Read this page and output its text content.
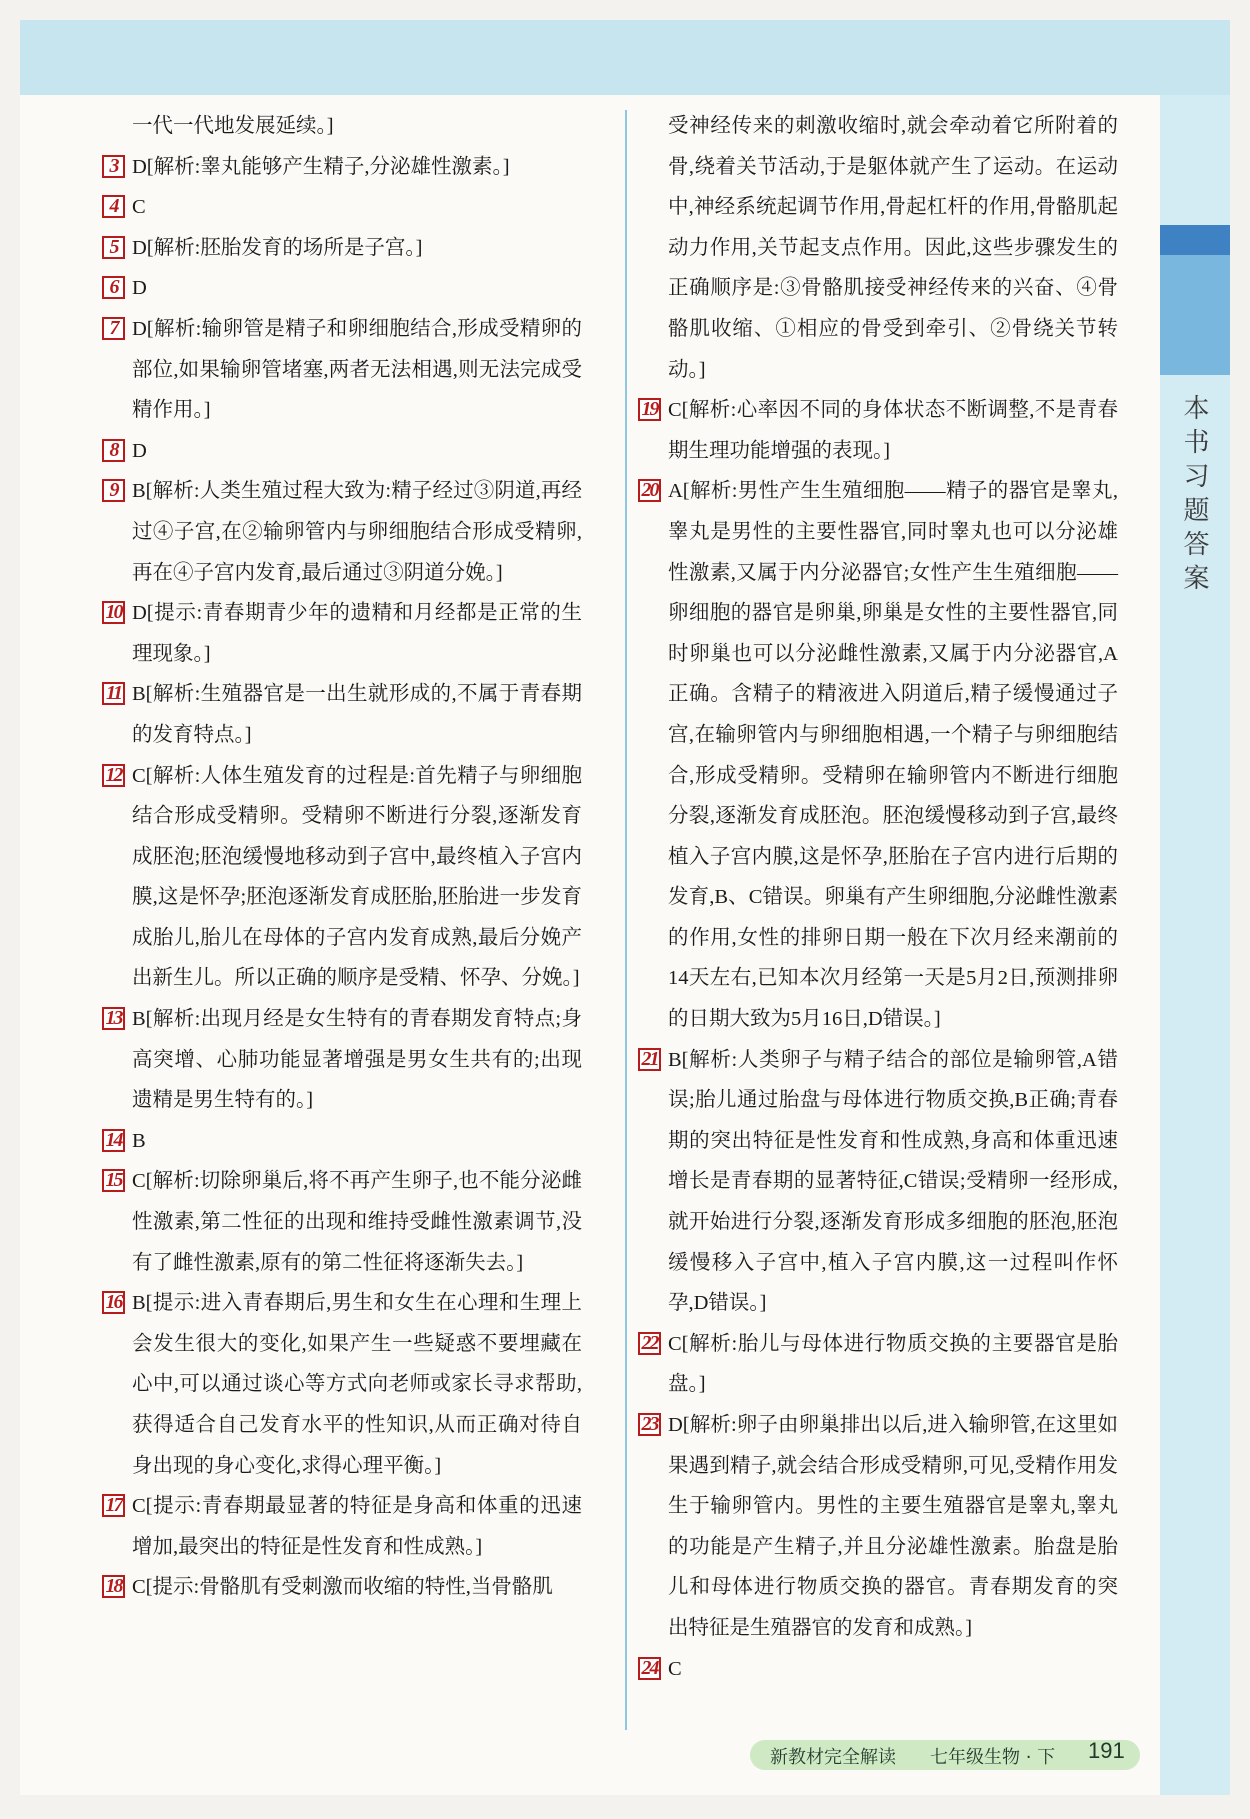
本书习题答案
一代一代地发展延续。]
3 D[解析:睾丸能够产生精子,分泌雄性激素。]
4 C
5 D[解析:胚胎发育的场所是子宫。]
6 D
7 D[解析:输卵管是精子和卵细胞结合,形成受精卵的部位,如果输卵管堵塞,两者无法相遇,则无法完成受精作用。]
8 D
9 B[解析:人类生殖过程大致为:精子经过③阴道,再经过④子宫,在②输卵管内与卵细胞结合形成受精卵,再在④子宫内发育,最后通过③阴道分娩。]
10 D[提示:青春期青少年的遗精和月经都是正常的生理现象。]
11 B[解析:生殖器官是一出生就形成的,不属于青春期的发育特点。]
12 C[解析:人体生殖发育的过程是:首先精子与卵细胞结合形成受精卵。受精卵不断进行分裂,逐渐发育成胚泡;胚泡缓慢地移动到子宫中,最终植入子宫内膜,这是怀孕;胚泡逐渐发育成胚胎,胚胎进一步发育成胎儿,胎儿在母体的子宫内发育成熟,最后分娩产出新生儿。所以正确的顺序是受精、怀孕、分娩。]
13 B[解析:出现月经是女生特有的青春期发育特点;身高突增、心肺功能显著增强是男女生共有的;出现遗精是男生特有的。]
14 B
15 C[解析:切除卵巢后,将不再产生卵子,也不能分泌雌性激素,第二性征的出现和维持受雌性激素调节,没有了雌性激素,原有的第二性征将逐渐失去。]
16 B[提示:进入青春期后,男生和女生在心理和生理上会发生很大的变化,如果产生一些疑惑不要埋藏在心中,可以通过谈心等方式向老师或家长寻求帮助,获得适合自己发育水平的性知识,从而正确对待自身出现的身心变化,求得心理平衡。]
17 C[提示:青春期最显著的特征是身高和体重的迅速增加,最突出的特征是性发育和性成熟。]
18 C[提示:骨骼肌有受刺激而收缩的特性,当骨骼肌
受神经传来的刺激收缩时,就会牵动着它所附着的骨,绕着关节活动,于是躯体就产生了运动。在运动中,神经系统起调节作用,骨起杠杆的作用,骨骼肌起动力作用,关节起支点作用。因此,这些步骤发生的正确顺序是:③骨骼肌接受神经传来的兴奋、④骨骼肌收缩、①相应的骨受到牵引、②骨绕关节转动。]
19 C[解析:心率因不同的身体状态不断调整,不是青春期生理功能增强的表现。]
20 A[解析:男性产生生殖细胞——精子的器官是睾丸,睾丸是男性的主要性器官,同时睾丸也可以分泌雄性激素,又属于内分泌器官;女性产生生殖细胞——卵细胞的器官是卵巢,卵巢是女性的主要性器官,同时卵巢也可以分泌雌性激素,又属于内分泌器官,A正确。含精子的精液进入阴道后,精子缓慢通过子宫,在输卵管内与卵细胞相遇,一个精子与卵细胞结合,形成受精卵。受精卵在输卵管内不断进行细胞分裂,逐渐发育成胚泡。胚泡缓慢移动到子宫,最终植入子宫内膜,这是怀孕,胚胎在子宫内进行后期的发育,B、C错误。卵巢有产生卵细胞,分泌雌性激素的作用,女性的排卵日期一般在下次月经来潮前的14天左右,已知本次月经第一天是5月2日,预测排卵的日期大致为5月16日,D错误。]
21 B[解析:人类卵子与精子结合的部位是输卵管,A错误;胎儿通过胎盘与母体进行物质交换,B正确;青春期的突出特征是性发育和性成熟,身高和体重迅速增长是青春期的显著特征,C错误;受精卵一经形成,就开始进行分裂,逐渐发育形成多细胞的胚泡,胚泡缓慢移入子宫中,植入子宫内膜,这一过程叫作怀孕,D错误。]
22 C[解析:胎儿与母体进行物质交换的主要器官是胎盘。]
23 D[解析:卵子由卵巢排出以后,进入输卵管,在这里如果遇到精子,就会结合形成受精卵,可见,受精作用发生于输卵管内。男性的主要生殖器官是睾丸,睾丸的功能是产生精子,并且分泌雄性激素。胎盘是胎儿和母体进行物质交换的器官。青春期发育的突出特征是生殖器官的发育和成熟。]
24 C
新教材完全解读 七年级生物 · 下 191
